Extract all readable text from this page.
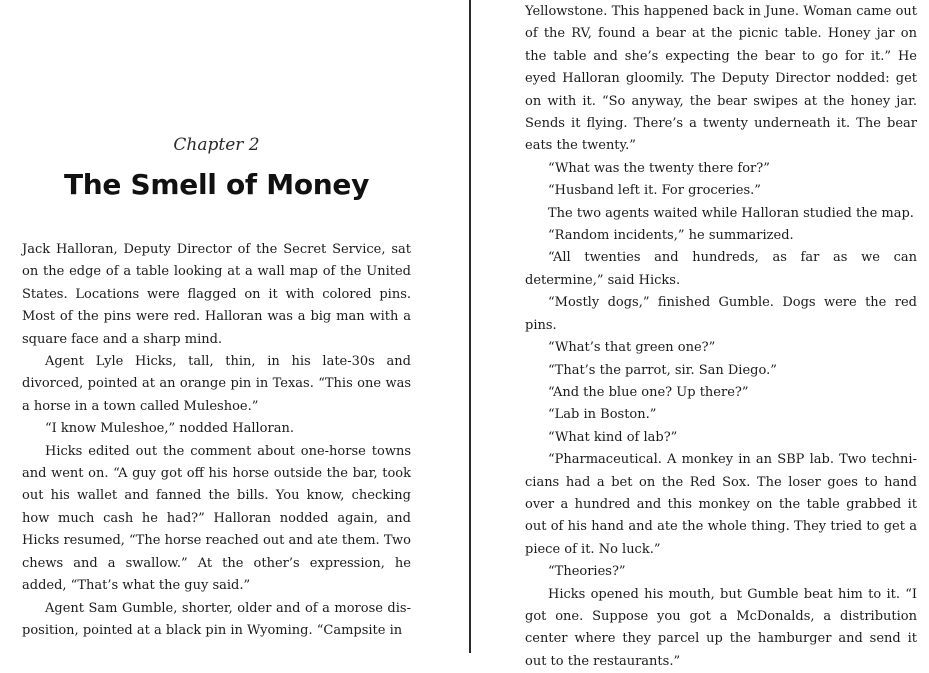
Chapter 2
The Smell of Money

Jack Halloran, Deputy Director of the Secret Service, sat on the edge of a table looking at a wall map of the United States. Locations were flagged on it with colored pins. Most of the pins were red. Halloran was a big man with a square face and a sharp mind.

Agent Lyle Hicks, tall, thin, in his late-30s and divorced, pointed at an orange pin in Texas. “This one was a horse in a town called Muleshoe.”

“I know Muleshoe,” nodded Halloran.

Hicks edited out the comment about one-horse towns and went on. “A guy got off his horse outside the bar, took out his wallet and fanned the bills. You know, checking how much cash he had?” Halloran nodded again, and Hicks resumed, “The horse reached out and ate them. Two chews and a swallow.” At the other’s expression, he added, “That’s what the guy said.”

Agent Sam Gumble, shorter, older and of a morose disposition, pointed at a black pin in Wyoming. “Campsite in

Yellowstone. This happened back in June. Woman came out of the RV, found a bear at the picnic table. Honey jar on the table and she’s expecting the bear to go for it.” He eyed Halloran gloomily. The Deputy Director nodded: get on with it. “So anyway, the bear swipes at the honey jar. Sends it flying. There’s a twenty underneath it. The bear eats the twenty.”

“What was the twenty there for?”

“Husband left it. For groceries.”

The two agents waited while Halloran studied the map.

“Random incidents,” he summarized.

“All twenties and hundreds, as far as we can determine,” said Hicks.

“Mostly dogs,” finished Gumble. Dogs were the red pins.

“What’s that green one?”

“That’s the parrot, sir. San Diego.”

“And the blue one? Up there?”

“Lab in Boston.”

“What kind of lab?”

“Pharmaceutical. A monkey in an SBP lab. Two technicians had a bet on the Red Sox. The loser goes to hand over a hundred and this monkey on the table grabbed it out of his hand and ate the whole thing. They tried to get a piece of it. No luck.”

“Theories?”

Hicks opened his mouth, but Gumble beat him to it. “I got one. Suppose you got a McDonalds, a distribution center where they parcel up the hamburger and send it out to the restaurants.”
